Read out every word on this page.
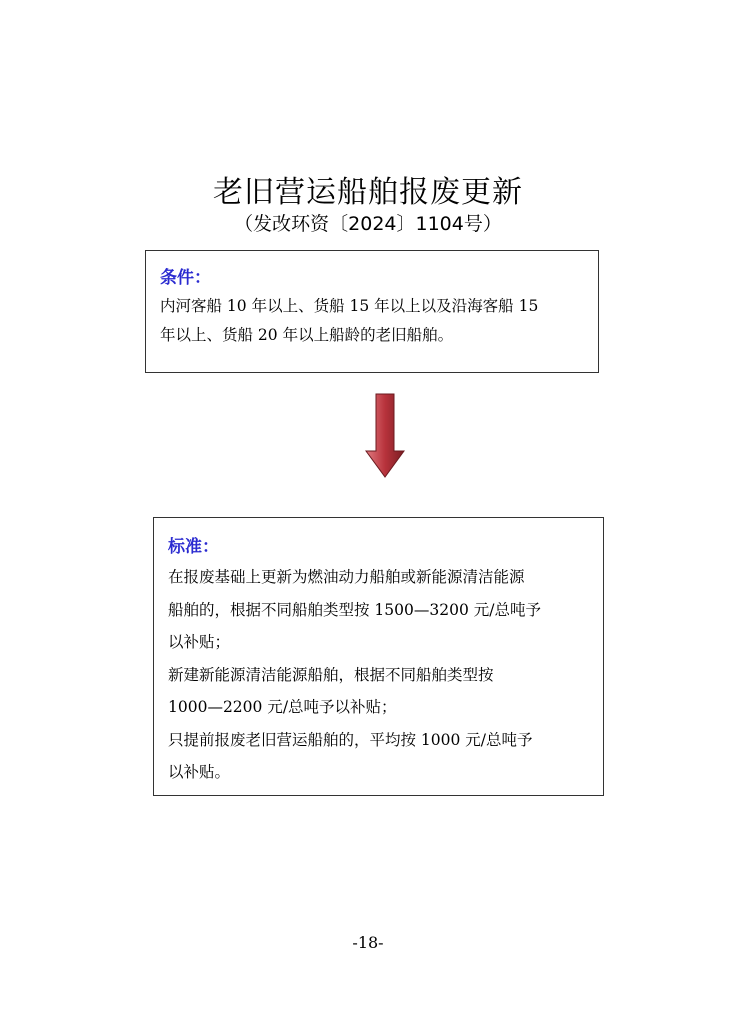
老旧营运船舶报废更新
（发改环资〔2024〕1104号）
条件：
内河客船 10 年以上、货船 15 年以上以及沿海客船 15
年以上、货船 20 年以上船龄的老旧船舶。
标准：
在报废基础上更新为燃油动力船舶或新能源清洁能源
船舶的，根据不同船舶类型按 1500—3200 元/总吨予
以补贴；
新建新能源清洁能源船舶，根据不同船舶类型按
1000—2200 元/总吨予以补贴；
只提前报废老旧营运船舶的，平均按 1000 元/总吨予
以补贴。
-18-
